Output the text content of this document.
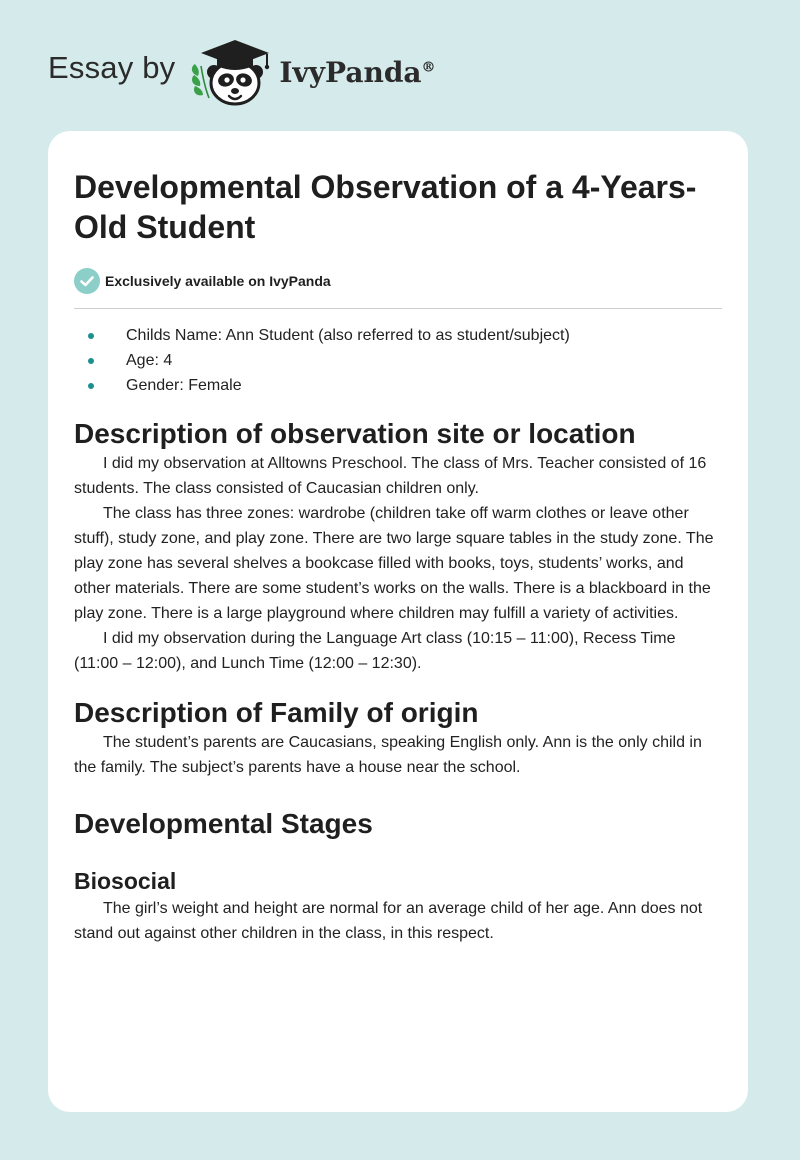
Essay by	IvyPanda®
Developmental Observation of a 4-Years-Old Student
Exclusively available on IvyPanda
Childs Name: Ann Student (also referred to as student/subject)
Age: 4
Gender: Female
Description of observation site or location

I did my observation at Alltowns Preschool. The class of Mrs. Teacher consisted of 16 students. The class consisted of Caucasian children only.

The class has three zones: wardrobe (children take off warm clothes or leave other stuff), study zone, and play zone. There are two large square tables in the study zone. The play zone has several shelves a bookcase filled with books, toys, students’ works, and other materials. There are some student’s works on the walls. There is a blackboard in the play zone. There is a large playground where children may fulfill a variety of activities.

I did my observation during the Language Art class (10:15 – 11:00), Recess Time (11:00 – 12:00), and Lunch Time (12:00 – 12:30).

Description of Family of origin

The student’s parents are Caucasians, speaking English only. Ann is the only child in the family. The subject’s parents have a house near the school.

Developmental Stages
Biosocial

The girl’s weight and height are normal for an average child of her age. Ann does not stand out against other children in the class, in this respect.
